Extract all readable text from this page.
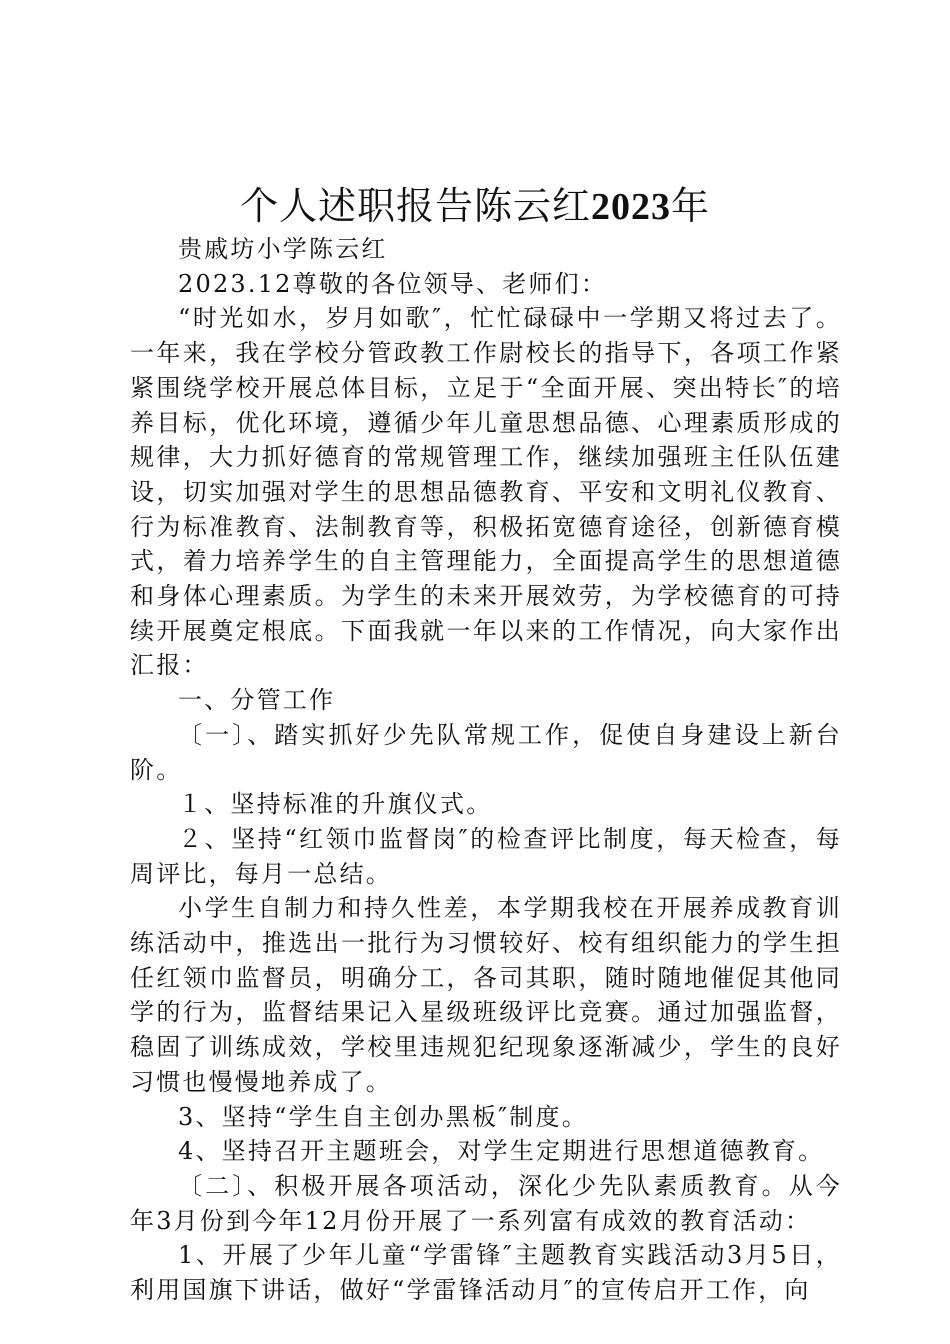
个人述职报告陈云红2023年

贵戚坊小学陈云红

2023.12尊敬的各位领导、老师们：

“时光如水，岁月如歌″，忙忙碌碌中一学期又将过去了。一年来，我在学校分管政教工作尉校长的指导下，各项工作紧紧围绕学校开展总体目标，立足于“全面开展、突出特长″的培养目标，优化环境，遵循少年儿童思想品德、心理素质形成的规律，大力抓好德育的常规管理工作，继续加强班主任队伍建设，切实加强对学生的思想品德教育、平安和文明礼仪教育、行为标准教育、法制教育等，积极拓宽德育途径，创新德育模式，着力培养学生的自主管理能力，全面提高学生的思想道德和身体心理素质。为学生的未来开展效劳，为学校德育的可持续开展奠定根底。下面我就一年以来的工作情况，向大家作出汇报：

一、分管工作

〔一〕、踏实抓好少先队常规工作，促使自身建设上新台阶。

１、坚持标准的升旗仪式。

２、坚持“红领巾监督岗″的检查评比制度，每天检查，每周评比，每月一总结。

小学生自制力和持久性差，本学期我校在开展养成教育训练活动中，推选出一批行为习惯较好、校有组织能力的学生担任红领巾监督员，明确分工，各司其职，随时随地催促其他同学的行为，监督结果记入星级班级评比竞赛。通过加强监督，稳固了训练成效，学校里违规犯纪现象逐渐减少，学生的良好习惯也慢慢地养成了。

3、坚持“学生自主创办黑板″制度。

4、坚持召开主题班会，对学生定期进行思想道德教育。

〔二〕、积极开展各项活动，深化少先队素质教育。从今年3月份到今年12月份开展了一系列富有成效的教育活动：

1、开展了少年儿童“学雷锋″主题教育实践活动3月5日，利用国旗下讲话，做好“学雷锋活动月″的宣传启开工作，向
